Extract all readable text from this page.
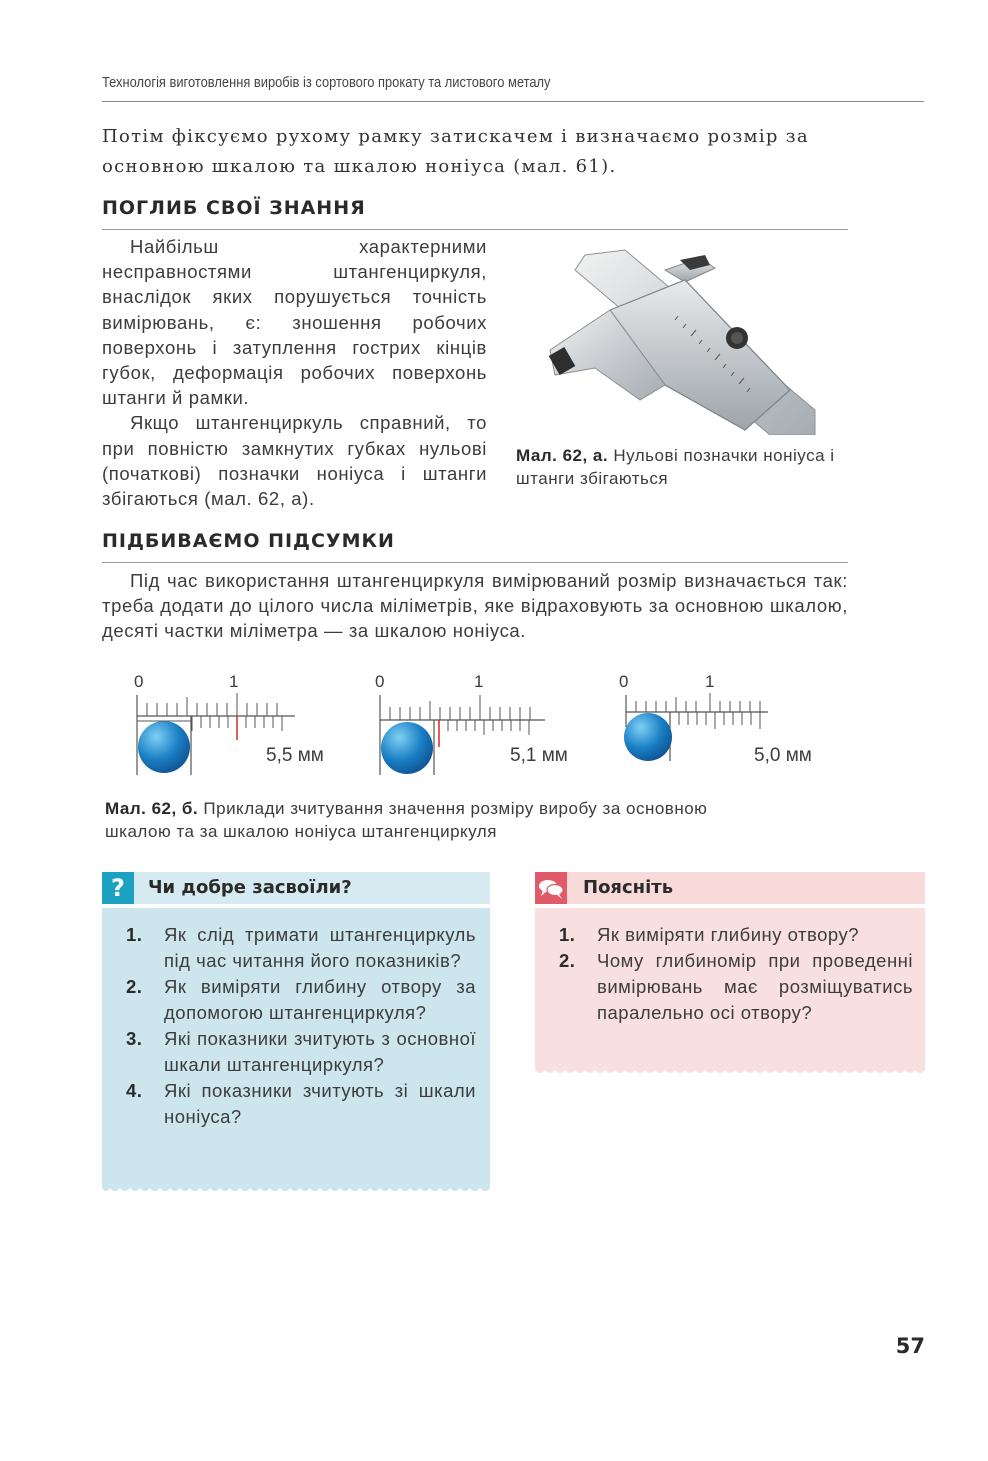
Технологія виготовлення виробів із сортового прокату та листового металу
Потім фіксуємо рухому рамку затискачем і визначаємо розмір за основною шкалою та шкалою ноніуса (мал. 61).
ПОГЛИБ СВОЇ ЗНАННЯ

Найбільш характерними несправностями штангенциркуля, внаслідок яких порушується точність вимірювань, є: зношення робочих поверхонь і затуплення гострих кінців губок, деформація робочих поверхонь штанги й рамки.

Якщо штангенциркуль справний, то при повністю замкнутих губках нульові (початкові) позначки ноніуса і штанги збігаються (мал. 62, а).

Мал. 62, а. Нульові позначки ноніуса і штанги збігаються
ПІДБИВАЄМО ПІДСУМКИ

Під час використання штангенциркуля вимірюваний розмір визначається так: треба додати до цілого числа міліметрів, яке відраховують за основною шкалою, десяті частки міліметра — за шкалою ноніуса.

0	1
5,5 мм
0	1
5,1 мм
0	1
5,0 мм
Мал. 62, б. Приклади зчитування значення розміру виробу за основною шкалою та за шкалою ноніуса штангенциркуля
?	Чи добре засвоїли?
1.	Як слід тримати штангенциркуль під час читання його показників?
2.	Як виміряти глибину отвору за допомогою штангенциркуля?
3.	Які показники зчитують з основної шкали штангенциркуля?
4.	Які показники зчитують зі шкали ноніуса?
Поясніть
1.	Як виміряти глибину отвору?
2.	Чому глибиномір при проведенні вимірювань має розміщуватись паралельно осі отвору?
57
